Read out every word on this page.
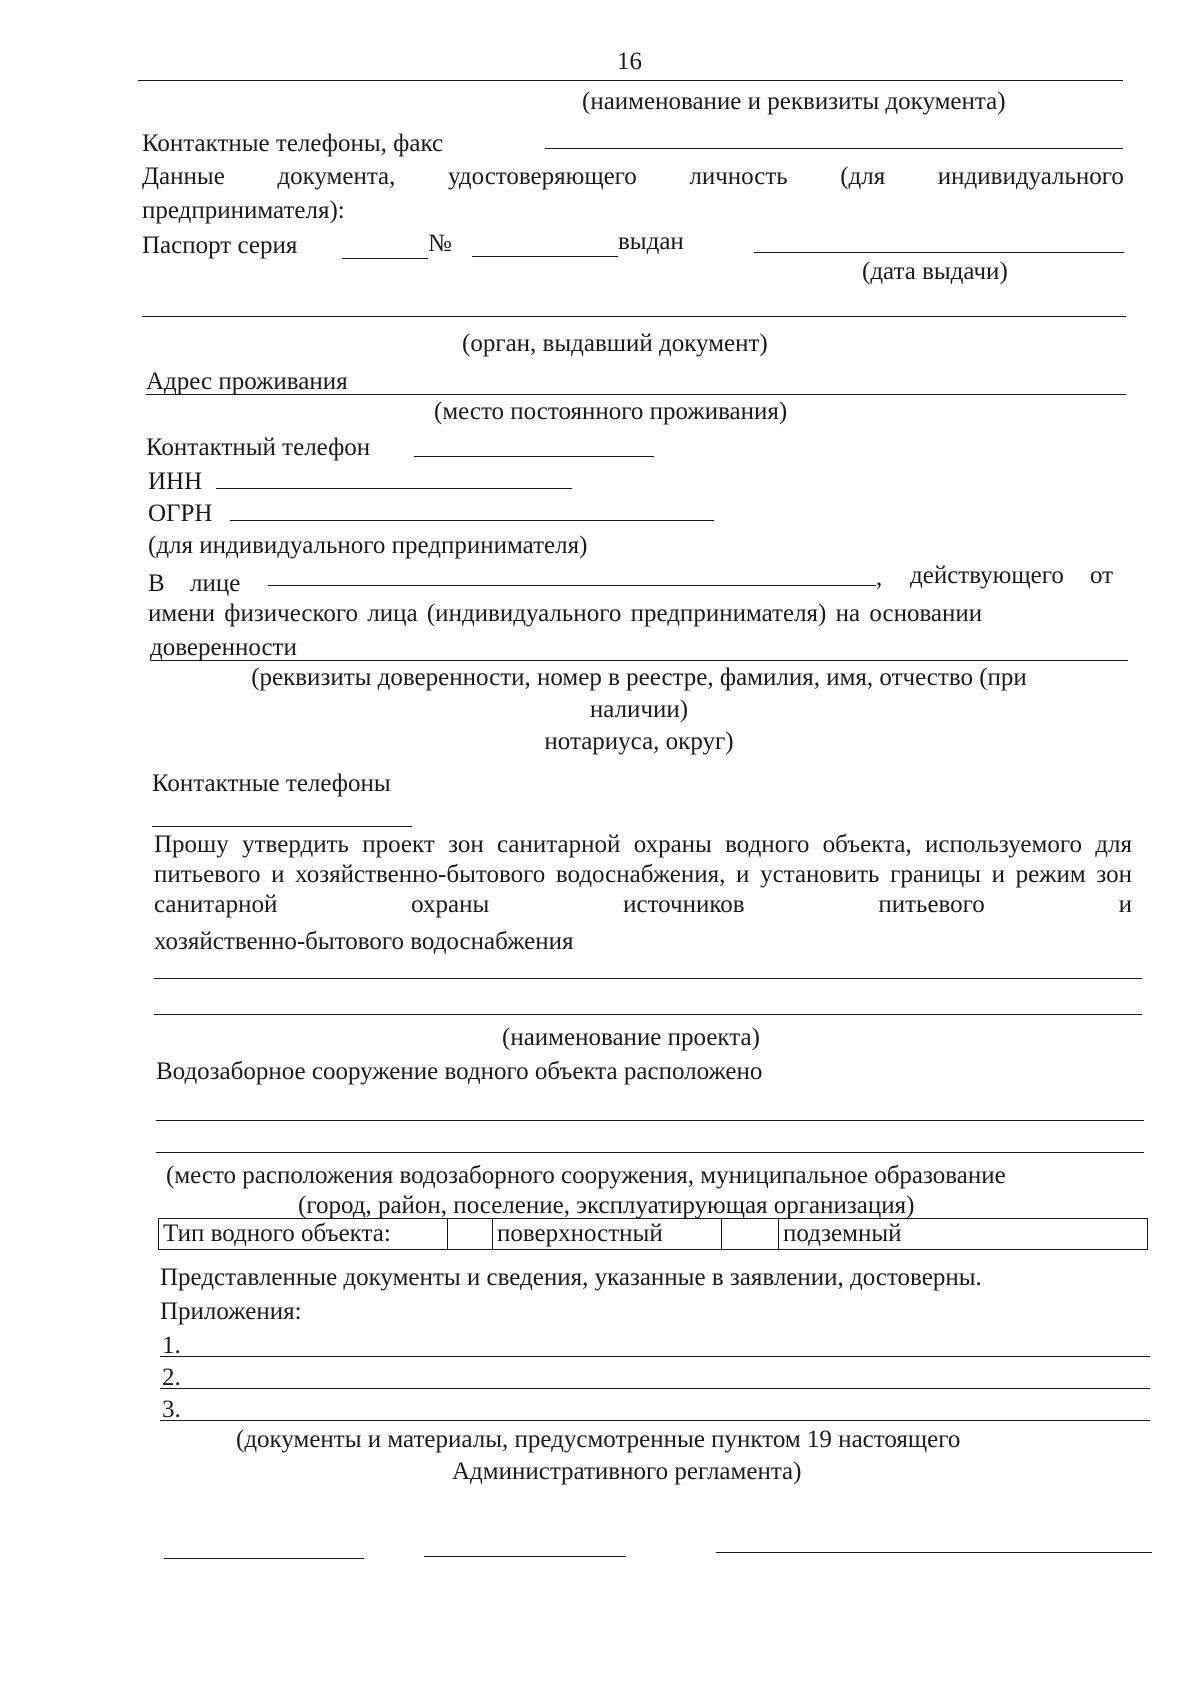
16
(наименование и реквизиты документа)
Контактные телефоны, факс
Данные документа, удостоверяющего личность (для индивидуального
предпринимателя):
Паспорт серия	№	выдан
(дата выдачи)
(орган, выдавший документ)
Адрес проживания
(место постоянного проживания)
Контактный телефон
ИНН
ОГРН
(для индивидуального предпринимателя)
В лице	, действующего от
имени физического лица (индивидуального предпринимателя) на основании
доверенности
(реквизиты доверенности, номер в реестре, фамилия, имя, отчество (при
наличии)
нотариуса, округ)
Контактные телефоны
Прошу утвердить проект зон санитарной охраны водного объекта, используемого для питьевого и хозяйственно-бытового водоснабжения, и установить границы и режим зон санитарной охраны источников питьевого и
хозяйственно-бытового водоснабжения
(наименование проекта)
Водозаборное сооружение водного объекта расположено
(место расположения водозаборного сооружения, муниципальное образование
(город, район, поселение, эксплуатирующая организация)
Тип водного объекта:		поверхностный		подземный
Представленные документы и сведения, указанные в заявлении, достоверны.
Приложения:
1.
2.
3.
(документы и материалы, предусмотренные пунктом 19 настоящего
Административного регламента)
